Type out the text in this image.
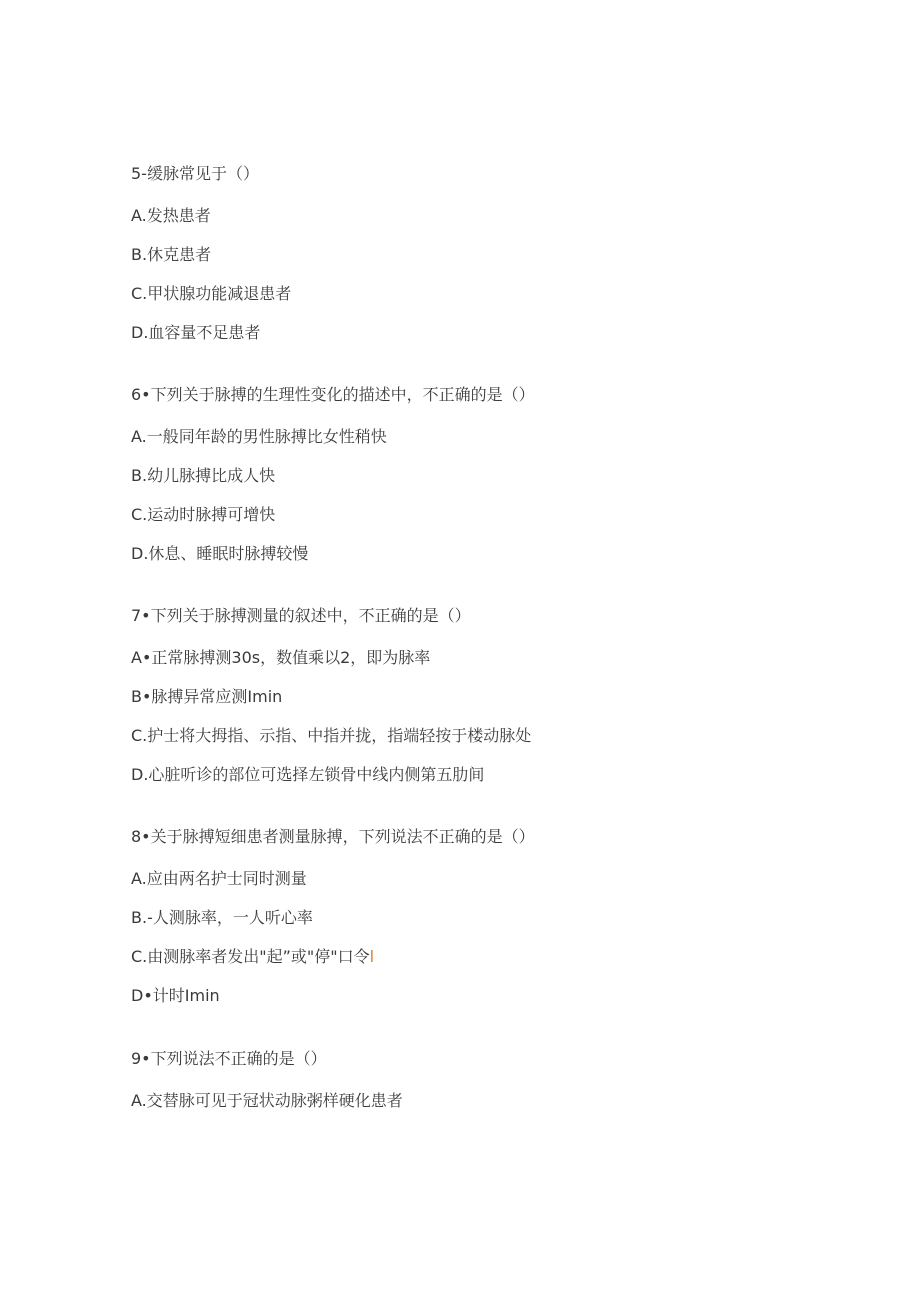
5-缓脉常见于（）
A.发热患者
B.休克患者
C.甲状腺功能减退患者
D.血容量不足患者
6•下列关于脉搏的生理性变化的描述中，不正确的是（）
A.一般同年龄的男性脉搏比女性稍快
B.幼儿脉搏比成人快
C.运动时脉搏可增快
D.休息、睡眠时脉搏较慢
7•下列关于脉搏测量的叙述中，不正确的是（）
A•正常脉搏测30s，数值乘以2，即为脉率
B•脉搏异常应测Imin
C.护士将大拇指、示指、中指并拢，指端轻按于楼动脉处
D.心脏听诊的部位可选择左锁骨中线内侧第五肋间
8•关于脉搏短细患者测量脉搏，下列说法不正确的是（）
A.应由两名护士同时测量
B.-人测脉率，一人听心率
C.由测脉率者发出"起”或"停"口令l
D•计时Imin
9•下列说法不正确的是（）
A.交替脉可见于冠状动脉粥样硬化患者
